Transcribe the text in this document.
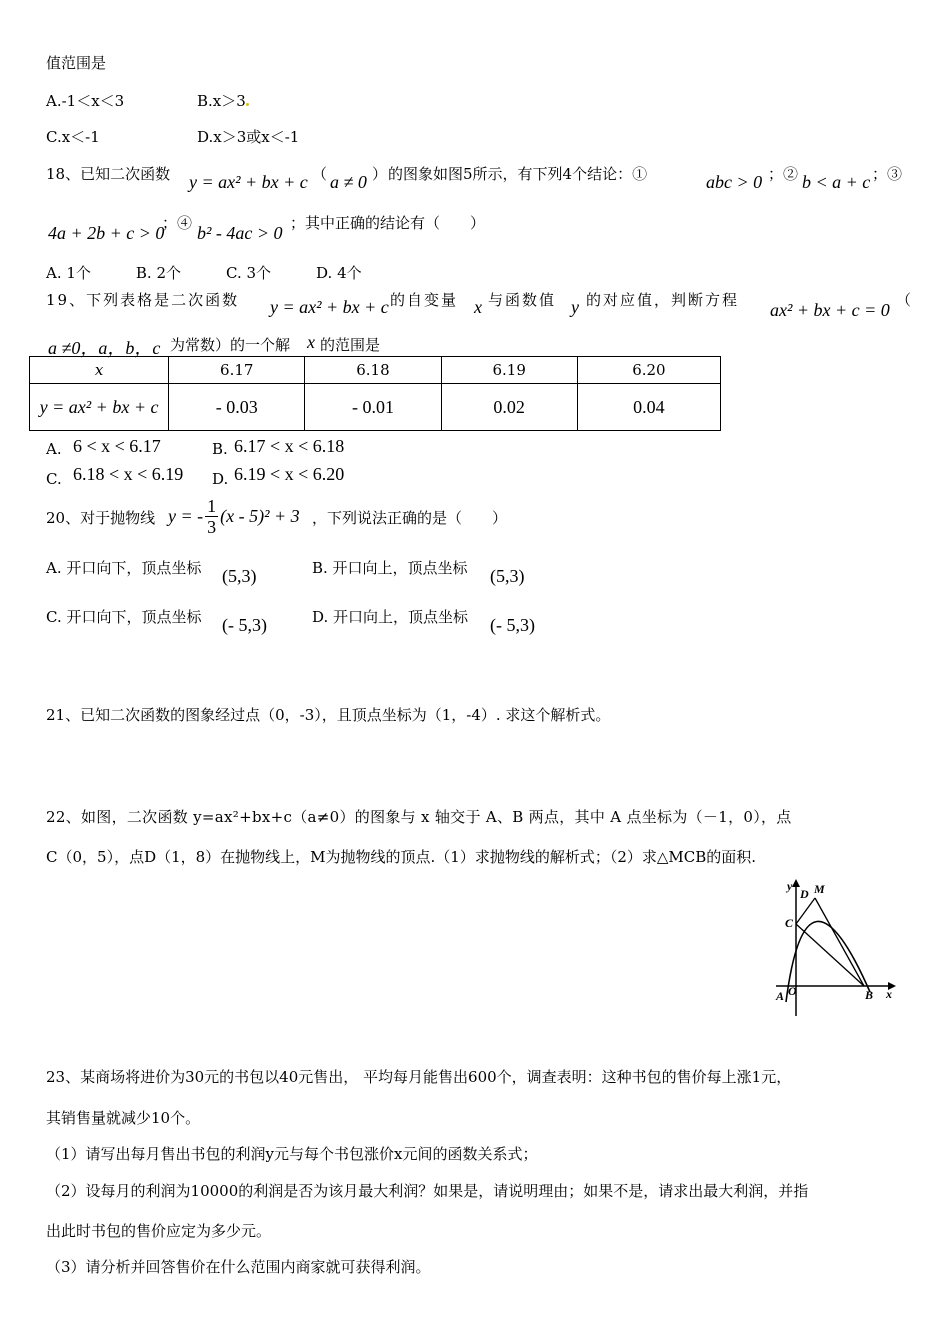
值范围是
A.-1＜x＜3	B.x＞3
C.x＜-1	D.x＞3或x＜-1
18、已知二次函数 y = ax² + bx + c （ a ≠ 0 ） 的图象如图5所示，有下列4个结论：①	abc > 0 ；② b < a + c ；③
4a + 2b + c > 0
；④ b² - 4ac > 0 ；其中正确的结论有（　　）
A. 1个　　　B. 2个　　　C. 3个　　　D. 4个
19、下列表格是二次函数 y = ax² + bx + c 的自变量 x 与函数值 y 的对应值，判断方程 ax² + bx + c = 0 （
a ≠0，a，b，c 为常数）的一个解 x 的范围是
x	6.17	6.18	6.19	6.20
y = ax² + bx + c	- 0.03	- 0.01	0.02	0.04
A. 6 < x < 6.17	B. 6.17 < x < 6.18
C. 6.18 < x < 6.19 D. 6.19 < x < 6.20
20、对于抛物线 y = - $\frac{1}{3} (x - 5)^2 + 3$ ，下列说法正确的是（　　）
A. 开口向下，顶点坐标 (5,3)	B. 开口向上，顶点坐标 (5,3)
C. 开口向下，顶点坐标 (- 5,3)	D. 开口向上，顶点坐标 (- 5,3)
21、已知二次函数的图象经过点（0，-3），且顶点坐标为（1，-4）. 求这个解析式。
22、如图，二次函数 y=ax²+bx+c（a≠0）的图象与 x 轴交于 A、B 两点，其中 A 点坐标为（－1，0），点
C（0，5），点D（1，8）在抛物线上，M为抛物线的顶点.（1）求抛物线的解析式；（2）求△MCB的面积.
y
D M
C
A O	B x
23、某商场将进价为30元的书包以40元售出， 平均每月能售出600个，调查表明：这种书包的售价每上涨1元，
其销售量就减少10个。
（1）请写出每月售出书包的利润y元与每个书包涨价x元间的函数关系式；
（2）设每月的利润为10000的利润是否为该月最大利润？如果是，请说明理由；如果不是，请求出最大利润，并指
出此时书包的售价应定为多少元。
（3）请分析并回答售价在什么范围内商家就可获得利润。
